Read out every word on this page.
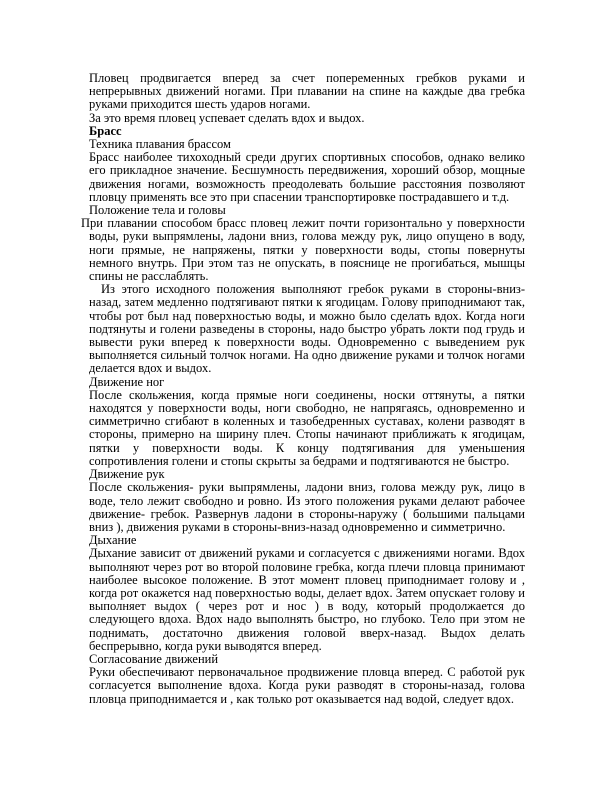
Пловец продвигается вперед за счет попеременных гребков руками и непрерывных движений ногами. При плавании на спине на каждые два гребка руками приходится шесть ударов ногами.

За это время пловец успевает сделать вдох и выдох.

Брасс

Техника плавания брассом

Брасс наиболее тихоходный среди других спортивных способов, однако велико его прикладное значение. Бесшумность передвижения, хороший обзор, мощные движения ногами, возможность преодолевать большие расстояния позволяют пловцу применять все это при спасении транспортировке пострадавшего и т.д.

Положение тела и головы

При плавании способом брасс пловец лежит почти горизонтально у поверхности воды, руки выпрямлены, ладони вниз, голова между рук, лицо опущено в воду, ноги прямые, не напряжены, пятки у поверхности воды, стопы повернуты немного внутрь. При этом таз не опускать, в пояснице не прогибаться, мышцы спины не расслаблять.

Из этого исходного положения выполняют гребок руками в стороны-вниз-назад, затем медленно подтягивают пятки к ягодицам. Голову приподнимают так, чтобы рот был над поверхностью воды, и можно было сделать вдох. Когда ноги подтянуты и голени разведены в стороны, надо быстро убрать локти под грудь и вывести руки вперед к поверхности воды. Одновременно с выведением рук выполняется сильный толчок ногами. На одно движение руками и толчок ногами делается вдох и выдох.

Движение ног

После скольжения, когда прямые ноги соединены, носки оттянуты, а пятки находятся у поверхности воды, ноги свободно, не напрягаясь, одновременно и симметрично сгибают в коленных и тазобедренных суставах, колени разводят в стороны, примерно на ширину плеч. Стопы начинают приближать к ягодицам, пятки у поверхности воды. К концу подтягивания для уменьшения сопротивления голени и стопы скрыты за бедрами и подтягиваются не быстро.

Движение рук

После скольжения- руки выпрямлены, ладони вниз, голова между рук, лицо в воде, тело лежит свободно и ровно. Из этого положения руками делают рабочее движение- гребок. Развернув ладони в стороны-наружу ( большими пальцами вниз ), движения руками в стороны-вниз-назад одновременно и симметрично.

Дыхание

Дыхание зависит от движений руками и согласуется с движениями ногами. Вдох выполняют через рот во второй половине гребка, когда плечи пловца принимают наиболее высокое положение. В этот момент пловец приподнимает голову и , когда рот окажется над поверхностью воды, делает вдох. Затем опускает голову и выполняет выдох ( через рот и нос ) в воду, который продолжается до следующего вдоха. Вдох надо выполнять быстро, но глубоко. Тело при этом не поднимать, достаточно движения головой вверх-назад. Выдох делать беспрерывно, когда руки выводятся вперед.

Согласование движений

Руки обеспечивают первоначальное продвижение пловца вперед. С работой рук согласуется выполнение вдоха. Когда руки разводят в стороны-назад, голова пловца приподнимается и , как только рот оказывается над водой, следует вдох.
